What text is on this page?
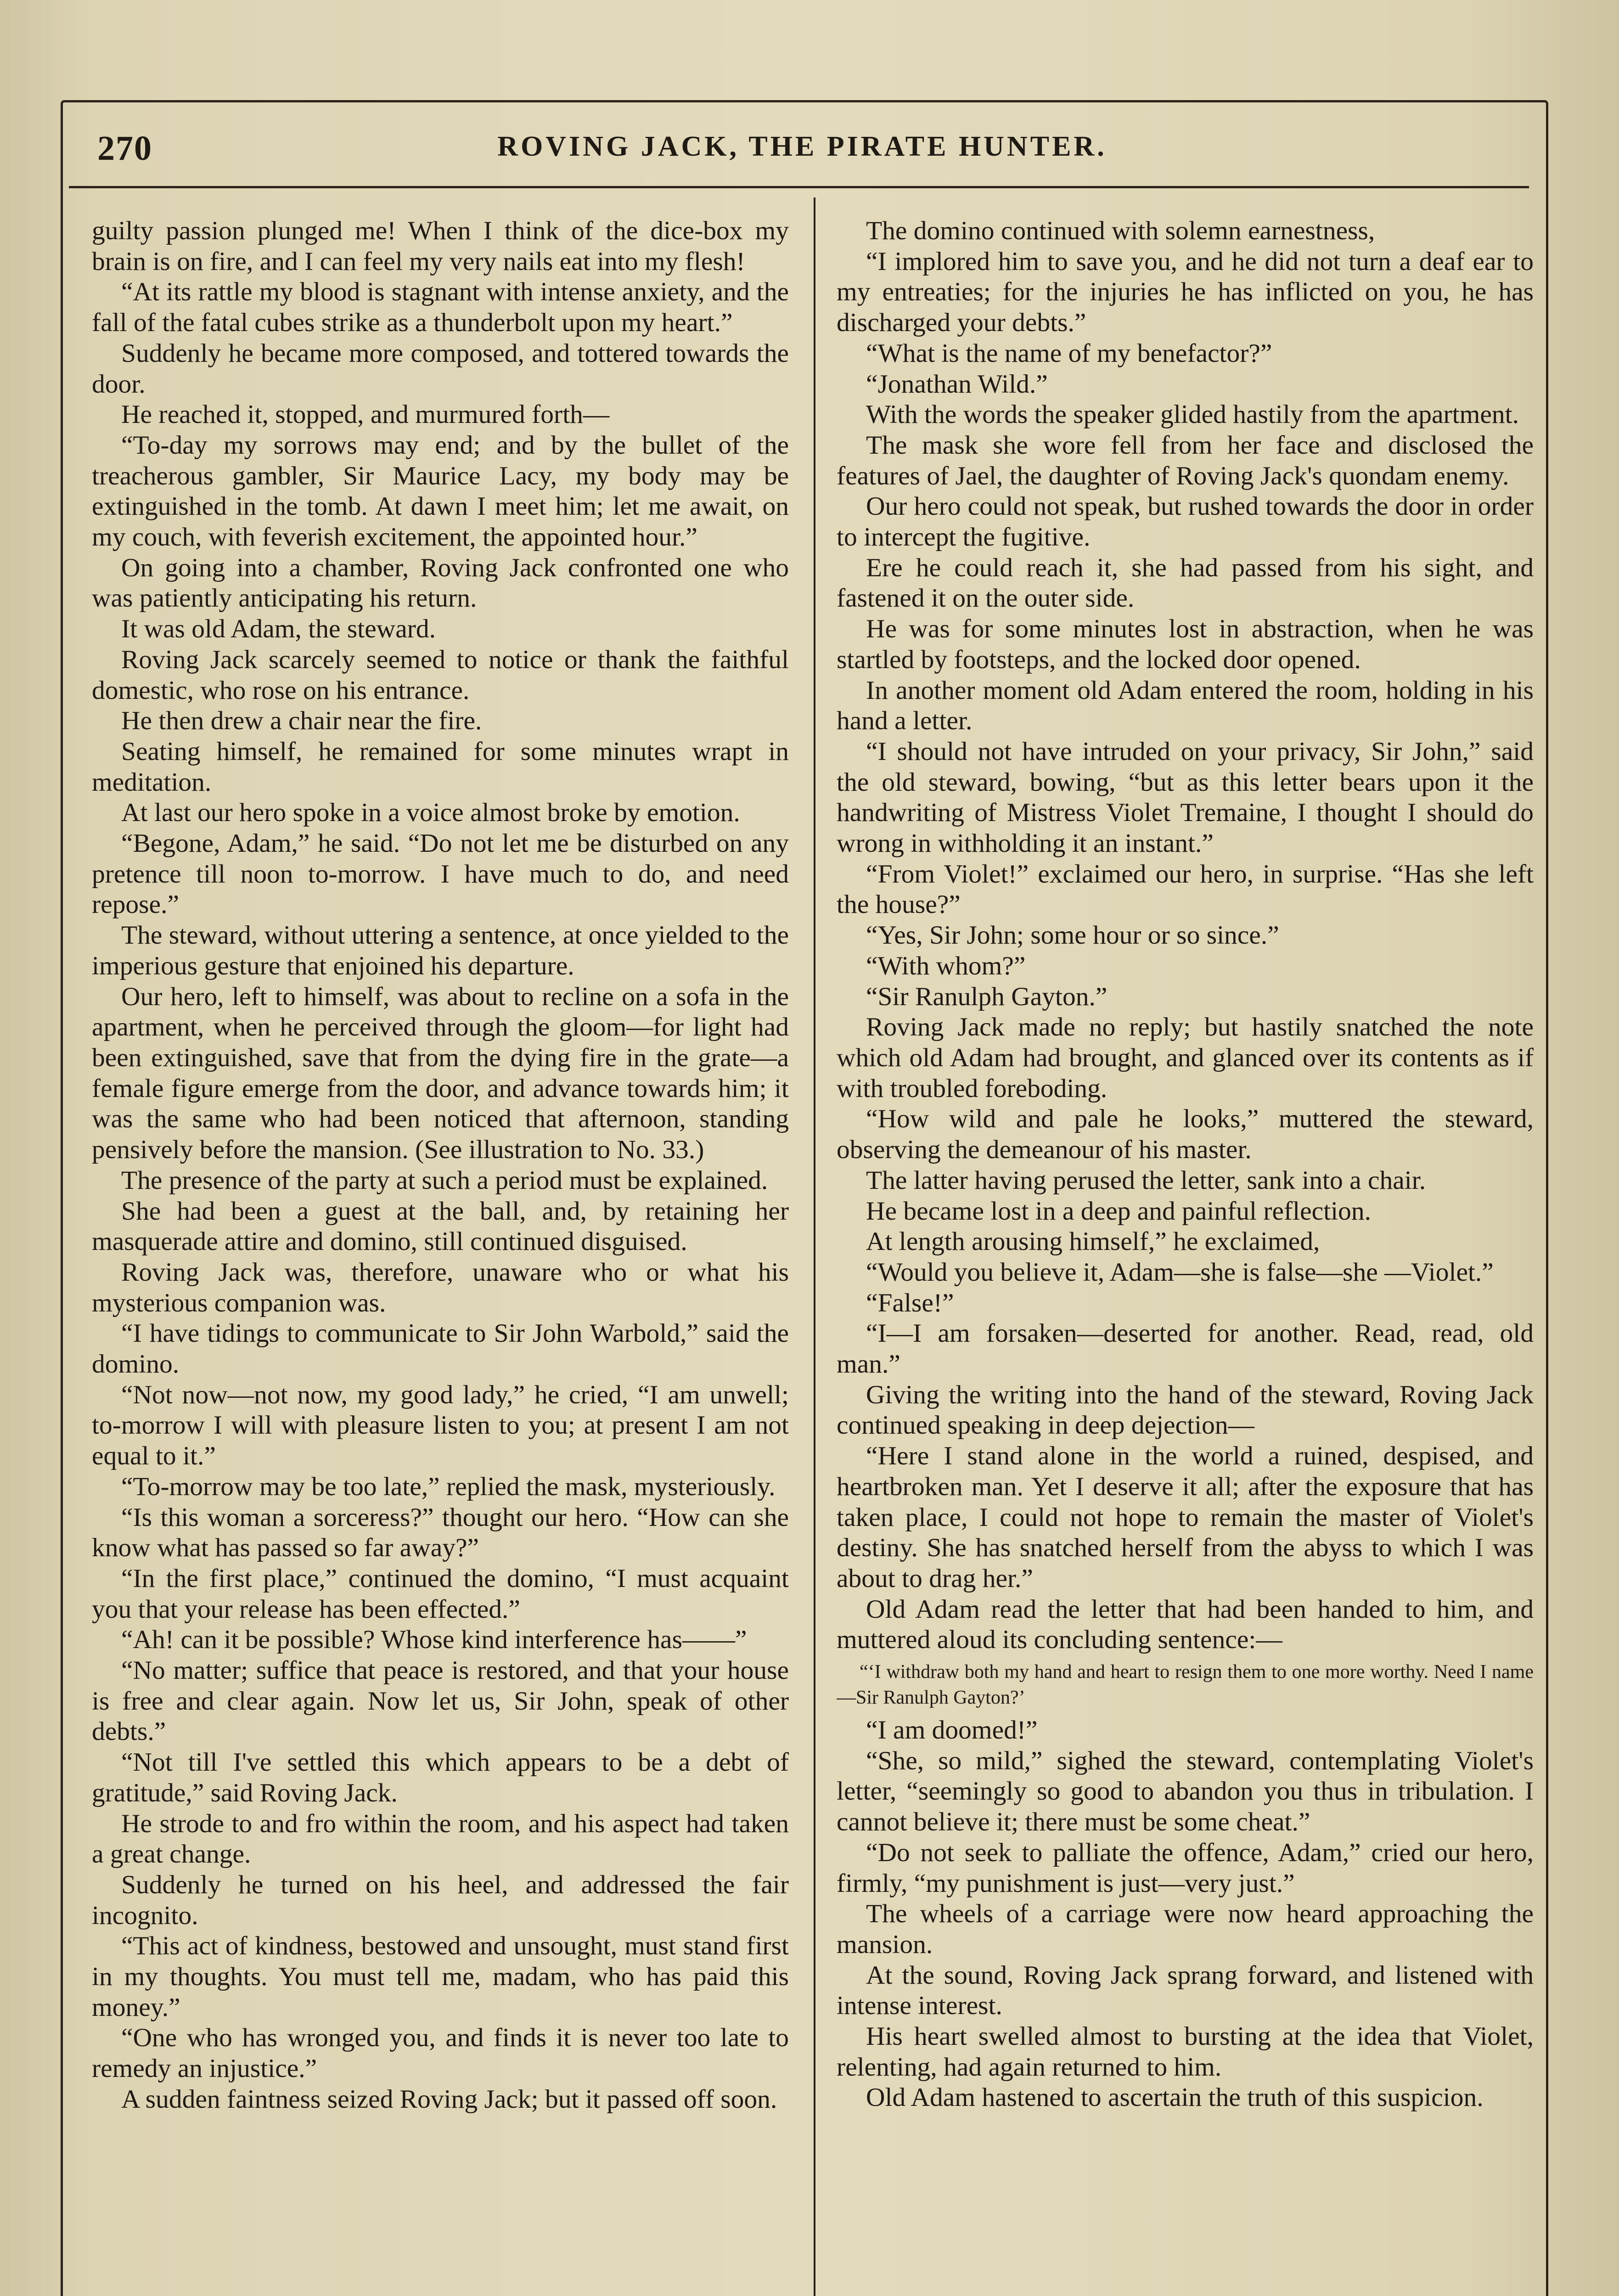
270	ROVING JACK, THE PIRATE HUNTER.

guilty passion plunged me! When I think of the dice-box my brain is on fire, and I can feel my very nails eat into my flesh!

“At its rattle my blood is stagnant with intense anxiety, and the fall of the fatal cubes strike as a thunderbolt upon my heart.”

Suddenly he became more composed, and tottered towards the door.

He reached it, stopped, and murmured forth—

“To-day my sorrows may end; and by the bullet of the treacherous gambler, Sir Maurice Lacy, my body may be extinguished in the tomb. At dawn I meet him; let me await, on my couch, with feverish excitement, the appointed hour.”

On going into a chamber, Roving Jack confronted one who was patiently anticipating his return.

It was old Adam, the steward.

Roving Jack scarcely seemed to notice or thank the faithful domestic, who rose on his entrance.

He then drew a chair near the fire.

Seating himself, he remained for some minutes wrapt in meditation.

At last our hero spoke in a voice almost broke by emotion.

“Begone, Adam,” he said. “Do not let me be disturbed on any pretence till noon to-morrow. I have much to do, and need repose.”

The steward, without uttering a sentence, at once yielded to the imperious gesture that enjoined his departure.

Our hero, left to himself, was about to recline on a sofa in the apartment, when he perceived through the gloom—for light had been extinguished, save that from the dying fire in the grate—a female figure emerge from the door, and advance towards him; it was the same who had been noticed that afternoon, standing pensively before the mansion. (See illustration to No. 33.)

The presence of the party at such a period must be explained.

She had been a guest at the ball, and, by retaining her masquerade attire and domino, still continued disguised.

Roving Jack was, therefore, unaware who or what his mysterious companion was.

“I have tidings to communicate to Sir John Warbold,” said the domino.

“Not now—not now, my good lady,” he cried, “I am unwell; to-morrow I will with pleasure listen to you; at present I am not equal to it.”

“To-morrow may be too late,” replied the mask, mysteriously.

“Is this woman a sorceress?” thought our hero. “How can she know what has passed so far away?”

“In the first place,” continued the domino, “I must acquaint you that your release has been effected.”

“Ah! can it be possible? Whose kind interference has——”

“No matter; suffice that peace is restored, and that your house is free and clear again. Now let us, Sir John, speak of other debts.”

“Not till I've settled this which appears to be a debt of gratitude,” said Roving Jack.

He strode to and fro within the room, and his aspect had taken a great change.

Suddenly he turned on his heel, and addressed the fair incognito.

“This act of kindness, bestowed and unsought, must stand first in my thoughts. You must tell me, madam, who has paid this money.”

“One who has wronged you, and finds it is never too late to remedy an injustice.”

A sudden faintness seized Roving Jack; but it passed off soon.

The domino continued with solemn earnestness,

“I implored him to save you, and he did not turn a deaf ear to my entreaties; for the injuries he has inflicted on you, he has discharged your debts.”

“What is the name of my benefactor?”

“Jonathan Wild.”

With the words the speaker glided hastily from the apartment.

The mask she wore fell from her face and disclosed the features of Jael, the daughter of Roving Jack's quondam enemy.

Our hero could not speak, but rushed towards the door in order to intercept the fugitive.

Ere he could reach it, she had passed from his sight, and fastened it on the outer side.

He was for some minutes lost in abstraction, when he was startled by footsteps, and the locked door opened.

In another moment old Adam entered the room, holding in his hand a letter.

“I should not have intruded on your privacy, Sir John,” said the old steward, bowing, “but as this letter bears upon it the handwriting of Mistress Violet Tremaine, I thought I should do wrong in withholding it an instant.”

“From Violet!” exclaimed our hero, in surprise. “Has she left the house?”

“Yes, Sir John; some hour or so since.”

“With whom?”

“Sir Ranulph Gayton.”

Roving Jack made no reply; but hastily snatched the note which old Adam had brought, and glanced over its contents as if with troubled foreboding.

“How wild and pale he looks,” muttered the steward, observing the demeanour of his master.

The latter having perused the letter, sank into a chair.

He became lost in a deep and painful reflection.

At length arousing himself,” he exclaimed,

“Would you believe it, Adam—she is false—she —Violet.”

“False!”

“I—I am forsaken—deserted for another. Read, read, old man.”

Giving the writing into the hand of the steward, Roving Jack continued speaking in deep dejection—

“Here I stand alone in the world a ruined, despised, and heartbroken man. Yet I deserve it all; after the exposure that has taken place, I could not hope to remain the master of Violet's destiny. She has snatched herself from the abyss to which I was about to drag her.”

Old Adam read the letter that had been handed to him, and muttered aloud its concluding sentence:—

“‘I withdraw both my hand and heart to resign them to one more worthy. Need I name—Sir Ranulph Gayton?’

“I am doomed!”

“She, so mild,” sighed the steward, contemplating Violet's letter, “seemingly so good to abandon you thus in tribulation. I cannot believe it; there must be some cheat.”

“Do not seek to palliate the offence, Adam,” cried our hero, firmly, “my punishment is just—very just.”

The wheels of a carriage were now heard approaching the mansion.

At the sound, Roving Jack sprang forward, and listened with intense interest.

His heart swelled almost to bursting at the idea that Violet, relenting, had again returned to him.

Old Adam hastened to ascertain the truth of this suspicion.
